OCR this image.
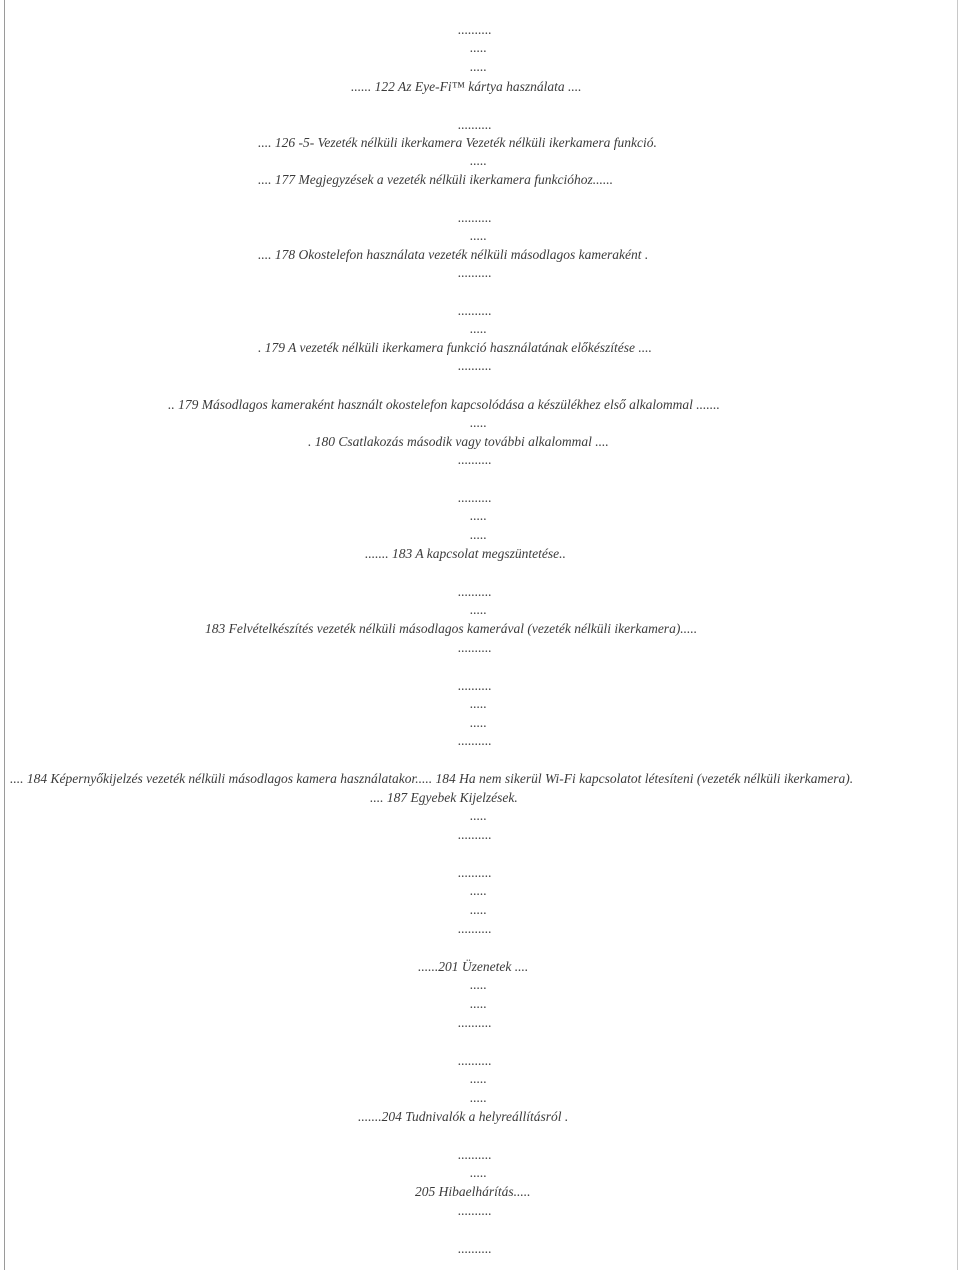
..........
.....
.....
...... 122 Az Eye-Fi™ kártya használata ....
..........
.... 126 -5- Vezeték nélküli ikerkamera Vezeték nélküli ikerkamera funkció.
.....
.... 177 Megjegyzések a vezeték nélküli ikerkamera funkcióhoz......
..........
.....
.... 178 Okostelefon használata vezeték nélküli másodlagos kameraként .
..........
..........
.....
. 179 A vezeték nélküli ikerkamera funkció használatának előkészítése ....
..........
.. 179 Másodlagos kameraként használt okostelefon kapcsolódása a készülékhez első alkalommal .......
.....
. 180 Csatlakozás második vagy további alkalommal ....
..........
..........
.....
.....
....... 183 A kapcsolat megszüntetése..
..........
.....
183 Felvételkészítés vezeték nélküli másodlagos kamerával (vezeték nélküli ikerkamera).....
..........
..........
.....
.....
..........
.... 184 Képernyőkijelzés vezeték nélküli másodlagos kamera használatakor..... 184 Ha nem sikerül Wi-Fi kapcsolatot létesíteni (vezeték nélküli ikerkamera).
.... 187 Egyebek Kijelzések.
.....
..........
..........
.....
.....
..........
......201 Üzenetek ....
.....
.....
..........
..........
.....
.....
.......204 Tudnivalók a helyreállításról .
..........
.....
205 Hibaelhárítás.....
..........
..........
